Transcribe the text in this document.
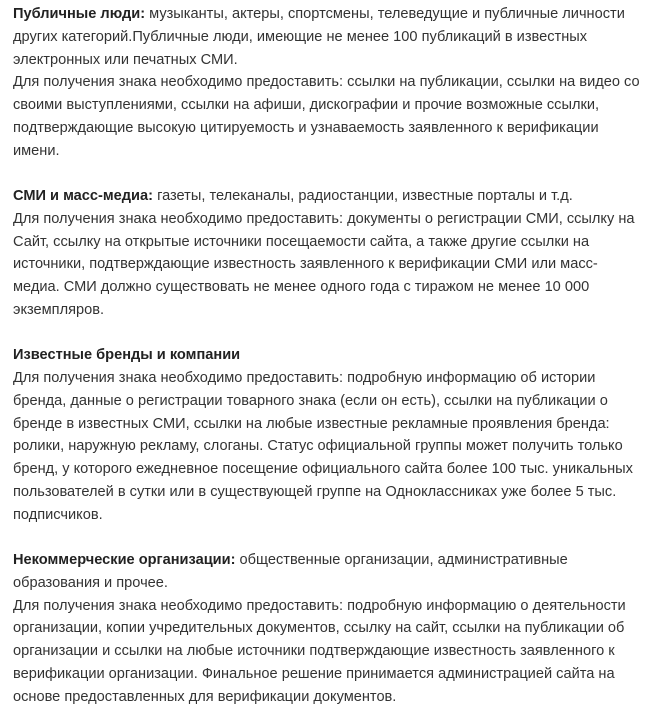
Публичные люди: музыканты, актеры, спортсмены, телеведущие и публичные личности других категорий.Публичные люди, имеющие не менее 100 публикаций в известных электронных или печатных СМИ.

Для получения знака необходимо предоставить: ссылки на публикации, ссылки на видео со своими выступлениями, ссылки на афиши, дискографии и прочие возможные ссылки, подтверждающие высокую цитируемость и узнаваемость заявленного к верификации имени.

СМИ и масс-медиа: газеты, телеканалы, радиостанции, известные порталы и т.д.

Для получения знака необходимо предоставить: документы о регистрации СМИ, ссылку на Сайт, ссылку на открытые источники посещаемости сайта, а также другие ссылки на источники, подтверждающие известность заявленного к верификации СМИ или масс-медиа. СМИ должно существовать не менее одного года с тиражом не менее 10 000 экземпляров.

Известные бренды и компании

Для получения знака необходимо предоставить: подробную информацию об истории бренда, данные о регистрации товарного знака (если он есть), ссылки на публикации о бренде в известных СМИ, ссылки на любые известные рекламные проявления бренда: ролики, наружную рекламу, слоганы. Статус официальной группы может получить только бренд, у которого ежедневное посещение официального сайта более 100 тыс. уникальных пользователей в сутки или в существующей группе на Одноклассниках уже более 5 тыс. подписчиков.

Некоммерческие организации: общественные организации, административные образования и прочее.

Для получения знака необходимо предоставить: подробную информацию о деятельности организации, копии учредительных документов, ссылку на сайт, ссылки на публикации об организации и ссылки на любые источники подтверждающие известность заявленного к верификации организации. Финальное решение принимается администрацией сайта на основе предоставленных для верификации документов.
